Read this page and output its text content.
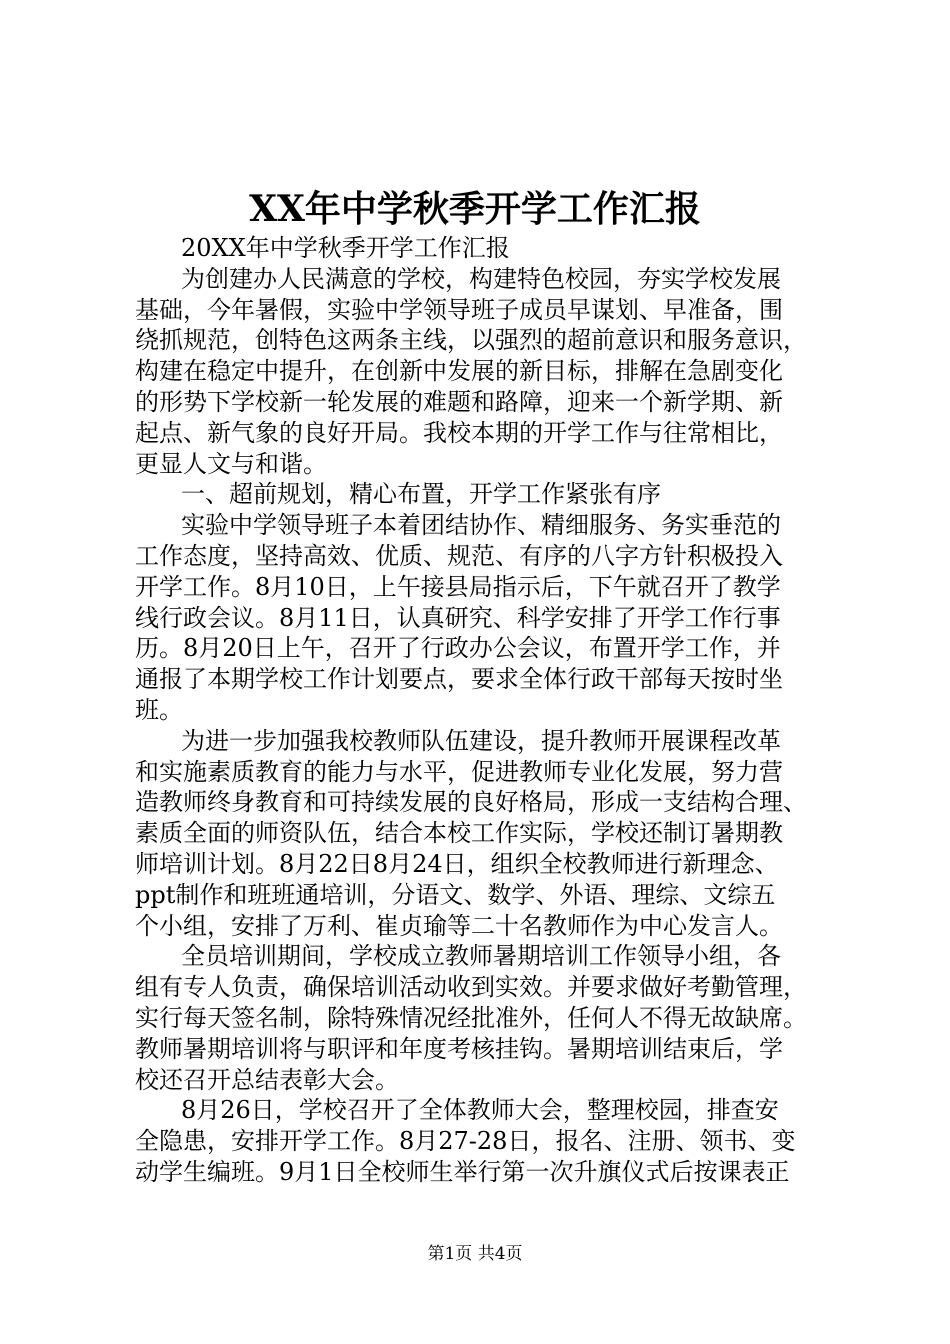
XX年中学秋季开学工作汇报

20XX年中学秋季开学工作汇报

为创建办人民满意的学校，构建特色校园，夯实学校发展

基础，今年暑假，实验中学领导班子成员早谋划、早准备，围

绕抓规范，创特色这两条主线，以强烈的超前意识和服务意识，

构建在稳定中提升，在创新中发展的新目标，排解在急剧变化

的形势下学校新一轮发展的难题和路障，迎来一个新学期、新

起点、新气象的良好开局。我校本期的开学工作与往常相比，

更显人文与和谐。

一、超前规划，精心布置，开学工作紧张有序

实验中学领导班子本着团结协作、精细服务、务实垂范的

工作态度，坚持高效、优质、规范、有序的八字方针积极投入

开学工作。8月10日，上午接县局指示后，下午就召开了教学

线行政会议。8月11日，认真研究、科学安排了开学工作行事

历。8月20日上午，召开了行政办公会议，布置开学工作，并

通报了本期学校工作计划要点，要求全体行政干部每天按时坐

班。

为进一步加强我校教师队伍建设，提升教师开展课程改革

和实施素质教育的能力与水平，促进教师专业化发展，努力营

造教师终身教育和可持续发展的良好格局，形成一支结构合理、

素质全面的师资队伍，结合本校工作实际，学校还制订暑期教

师培训计划。8月22日8月24日，组织全校教师进行新理念、

ppt制作和班班通培训，分语文、数学、外语、理综、文综五

个小组，安排了万利、崔贞瑜等二十名教师作为中心发言人。

全员培训期间，学校成立教师暑期培训工作领导小组，各

组有专人负责，确保培训活动收到实效。并要求做好考勤管理，

实行每天签名制，除特殊情况经批准外，任何人不得无故缺席。

教师暑期培训将与职评和年度考核挂钩。暑期培训结束后，学

校还召开总结表彰大会。

8月26日，学校召开了全体教师大会，整理校园，排查安

全隐患，安排开学工作。8月27-28日，报名、注册、领书、变

动学生编班。9月1日全校师生举行第一次升旗仪式后按课表正

第1页 共4页
